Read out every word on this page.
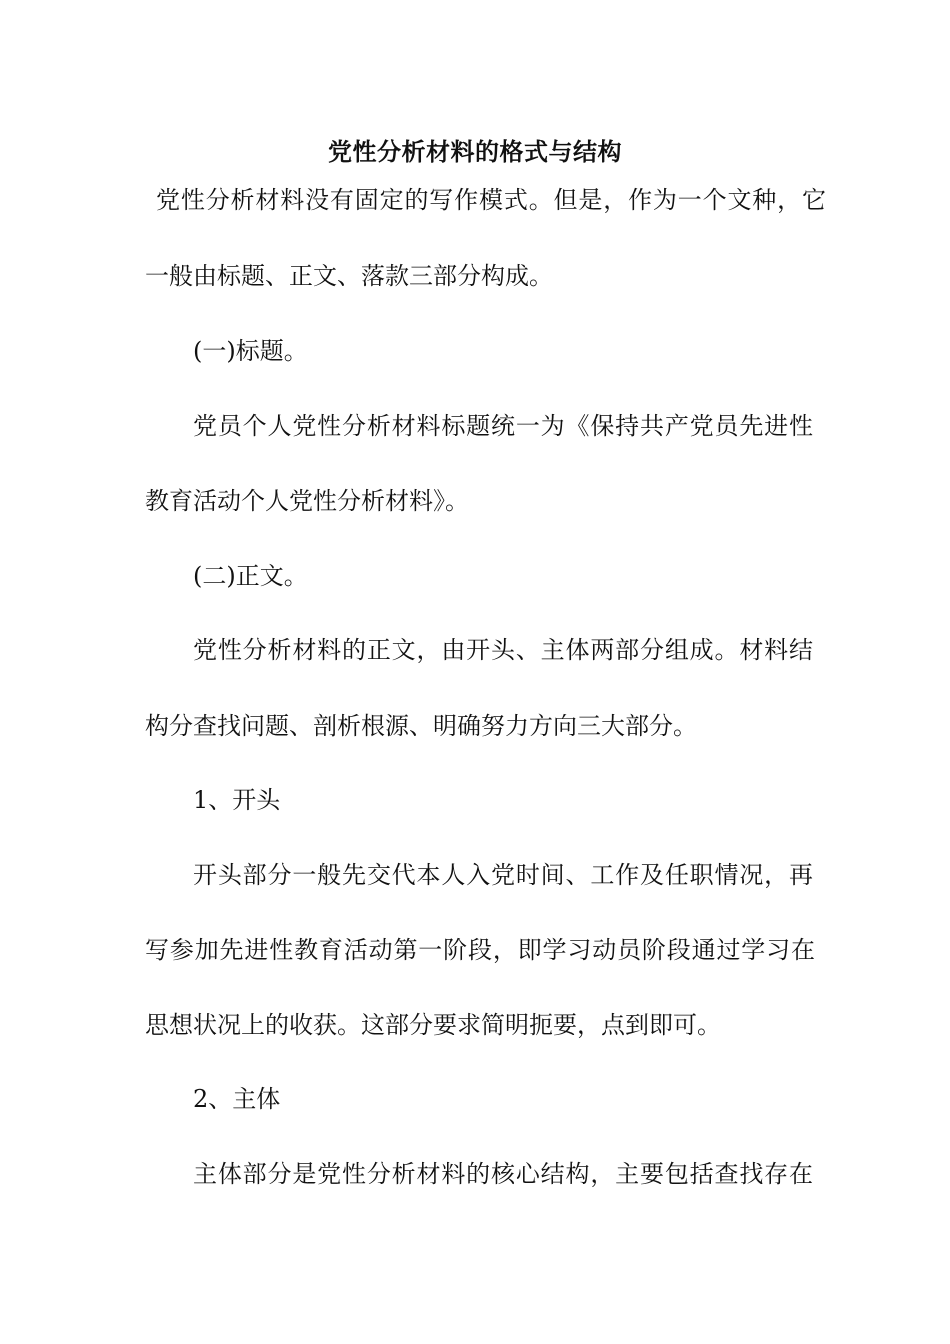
党性分析材料的格式与结构
党性分析材料没有固定的写作模式。但是，作为一个文种，它
一般由标题、正文、落款三部分构成。
(一)标题。
党员个人党性分析材料标题统一为《保持共产党员先进性
教育活动个人党性分析材料》。
(二)正文。
党性分析材料的正文，由开头、主体两部分组成。材料结
构分查找问题、剖析根源、明确努力方向三大部分。
1、开头
开头部分一般先交代本人入党时间、工作及任职情况，再
写参加先进性教育活动第一阶段，即学习动员阶段通过学习在
思想状况上的收获。这部分要求简明扼要，点到即可。
2、主体
主体部分是党性分析材料的核心结构，主要包括查找存在
